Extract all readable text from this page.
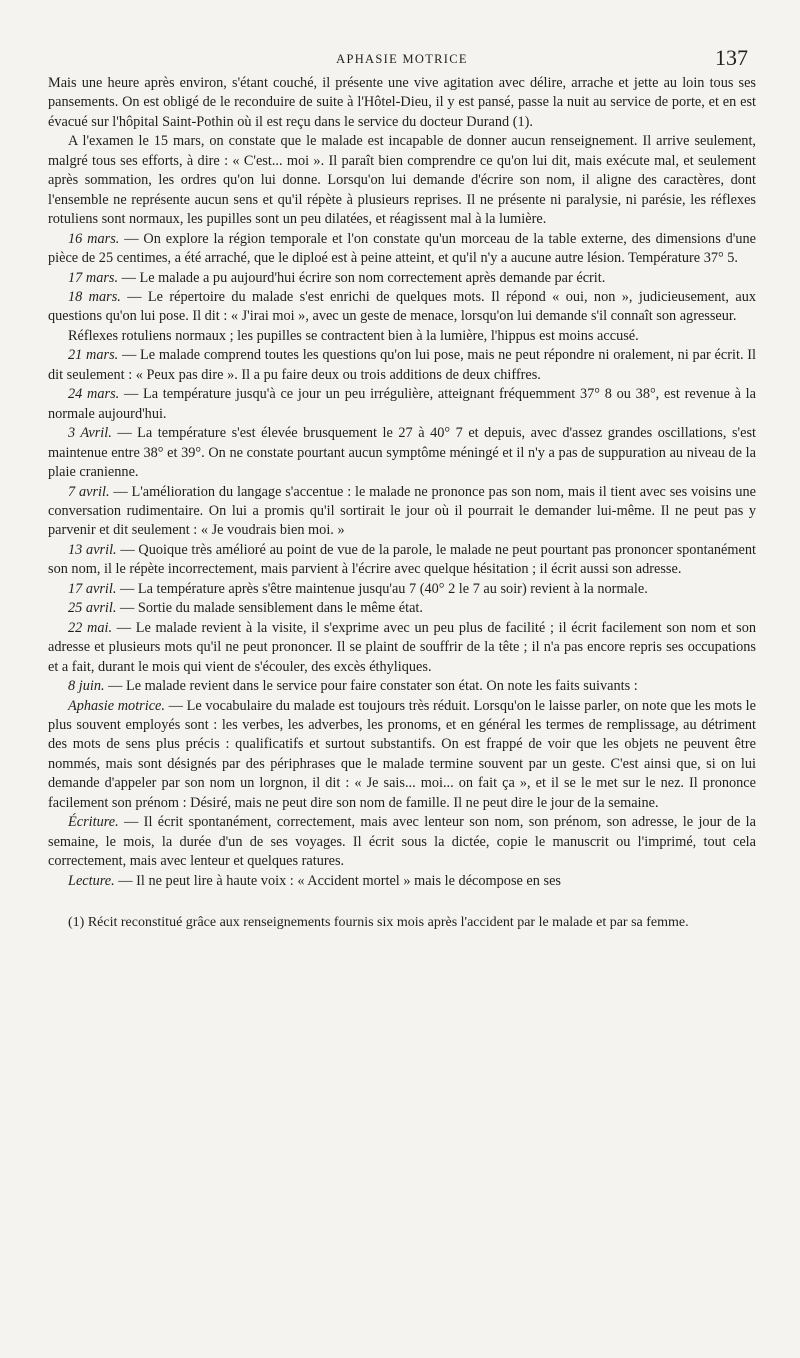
APHASIE MOTRICE	137

Mais une heure après environ, s'étant couché, il présente une vive agitation avec délire, arrache et jette au loin tous ses pansements. On est obligé de le reconduire de suite à l'Hôtel-Dieu, il y est pansé, passe la nuit au service de porte, et en est évacué sur l'hôpital Saint-Pothin où il est reçu dans le service du docteur Durand (1).

A l'examen le 15 mars, on constate que le malade est incapable de donner aucun renseignement. Il arrive seulement, malgré tous ses efforts, à dire : « C'est... moi ». Il paraît bien comprendre ce qu'on lui dit, mais exécute mal, et seulement après sommation, les ordres qu'on lui donne. Lorsqu'on lui demande d'écrire son nom, il aligne des caractères, dont l'ensemble ne représente aucun sens et qu'il répète à plusieurs reprises. Il ne présente ni paralysie, ni parésie, les réflexes rotuliens sont normaux, les pupilles sont un peu dilatées, et réagissent mal à la lumière.

16 mars. — On explore la région temporale et l'on constate qu'un morceau de la table externe, des dimensions d'une pièce de 25 centimes, a été arraché, que le diploé est à peine atteint, et qu'il n'y a aucune autre lésion. Température 37° 5.

17 mars. — Le malade a pu aujourd'hui écrire son nom correctement après demande par écrit.

18 mars. — Le répertoire du malade s'est enrichi de quelques mots. Il répond « oui, non », judicieusement, aux questions qu'on lui pose. Il dit : « J'irai moi », avec un geste de menace, lorsqu'on lui demande s'il connaît son agresseur.

Réflexes rotuliens normaux ; les pupilles se contractent bien à la lumière, l'hippus est moins accusé.

21 mars. — Le malade comprend toutes les questions qu'on lui pose, mais ne peut répondre ni oralement, ni par écrit. Il dit seulement : « Peux pas dire ». Il a pu faire deux ou trois additions de deux chiffres.

24 mars. — La température jusqu'à ce jour un peu irrégulière, atteignant fréquemment 37° 8 ou 38°, est revenue à la normale aujourd'hui.

3 Avril. — La température s'est élevée brusquement le 27 à 40° 7 et depuis, avec d'assez grandes oscillations, s'est maintenue entre 38° et 39°. On ne constate pourtant aucun symptôme méningé et il n'y a pas de suppuration au niveau de la plaie cranienne.

7 avril. — L'amélioration du langage s'accentue : le malade ne prononce pas son nom, mais il tient avec ses voisins une conversation rudimentaire. On lui a promis qu'il sortirait le jour où il pourrait le demander lui-même. Il ne peut pas y parvenir et dit seulement : « Je voudrais bien moi. »

13 avril. — Quoique très amélioré au point de vue de la parole, le malade ne peut pourtant pas prononcer spontanément son nom, il le répète incorrectement, mais parvient à l'écrire avec quelque hésitation ; il écrit aussi son adresse.

17 avril. — La température après s'être maintenue jusqu'au 7 (40° 2 le 7 au soir) revient à la normale.

25 avril. — Sortie du malade sensiblement dans le même état.

22 mai. — Le malade revient à la visite, il s'exprime avec un peu plus de facilité ; il écrit facilement son nom et son adresse et plusieurs mots qu'il ne peut prononcer. Il se plaint de souffrir de la tête ; il n'a pas encore repris ses occupations et a fait, durant le mois qui vient de s'écouler, des excès éthyliques.

8 juin. — Le malade revient dans le service pour faire constater son état. On note les faits suivants :

Aphasie motrice. — Le vocabulaire du malade est toujours très réduit. Lorsqu'on le laisse parler, on note que les mots le plus souvent employés sont : les verbes, les adverbes, les pronoms, et en général les termes de remplissage, au détriment des mots de sens plus précis : qualificatifs et surtout substantifs. On est frappé de voir que les objets ne peuvent être nommés, mais sont désignés par des périphrases que le malade termine souvent par un geste. C'est ainsi que, si on lui demande d'appeler par son nom un lorgnon, il dit : « Je sais... moi... on fait ça », et il se le met sur le nez. Il prononce facilement son prénom : Désiré, mais ne peut dire son nom de famille. Il ne peut dire le jour de la semaine.

Écriture. — Il écrit spontanément, correctement, mais avec lenteur son nom, son prénom, son adresse, le jour de la semaine, le mois, la durée d'un de ses voyages. Il écrit sous la dictée, copie le manuscrit ou l'imprimé, tout cela correctement, mais avec lenteur et quelques ratures.

Lecture. — Il ne peut lire à haute voix : « Accident mortel » mais le décompose en ses

(1) Récit reconstitué grâce aux renseignements fournis six mois après l'accident par le malade et par sa femme.
